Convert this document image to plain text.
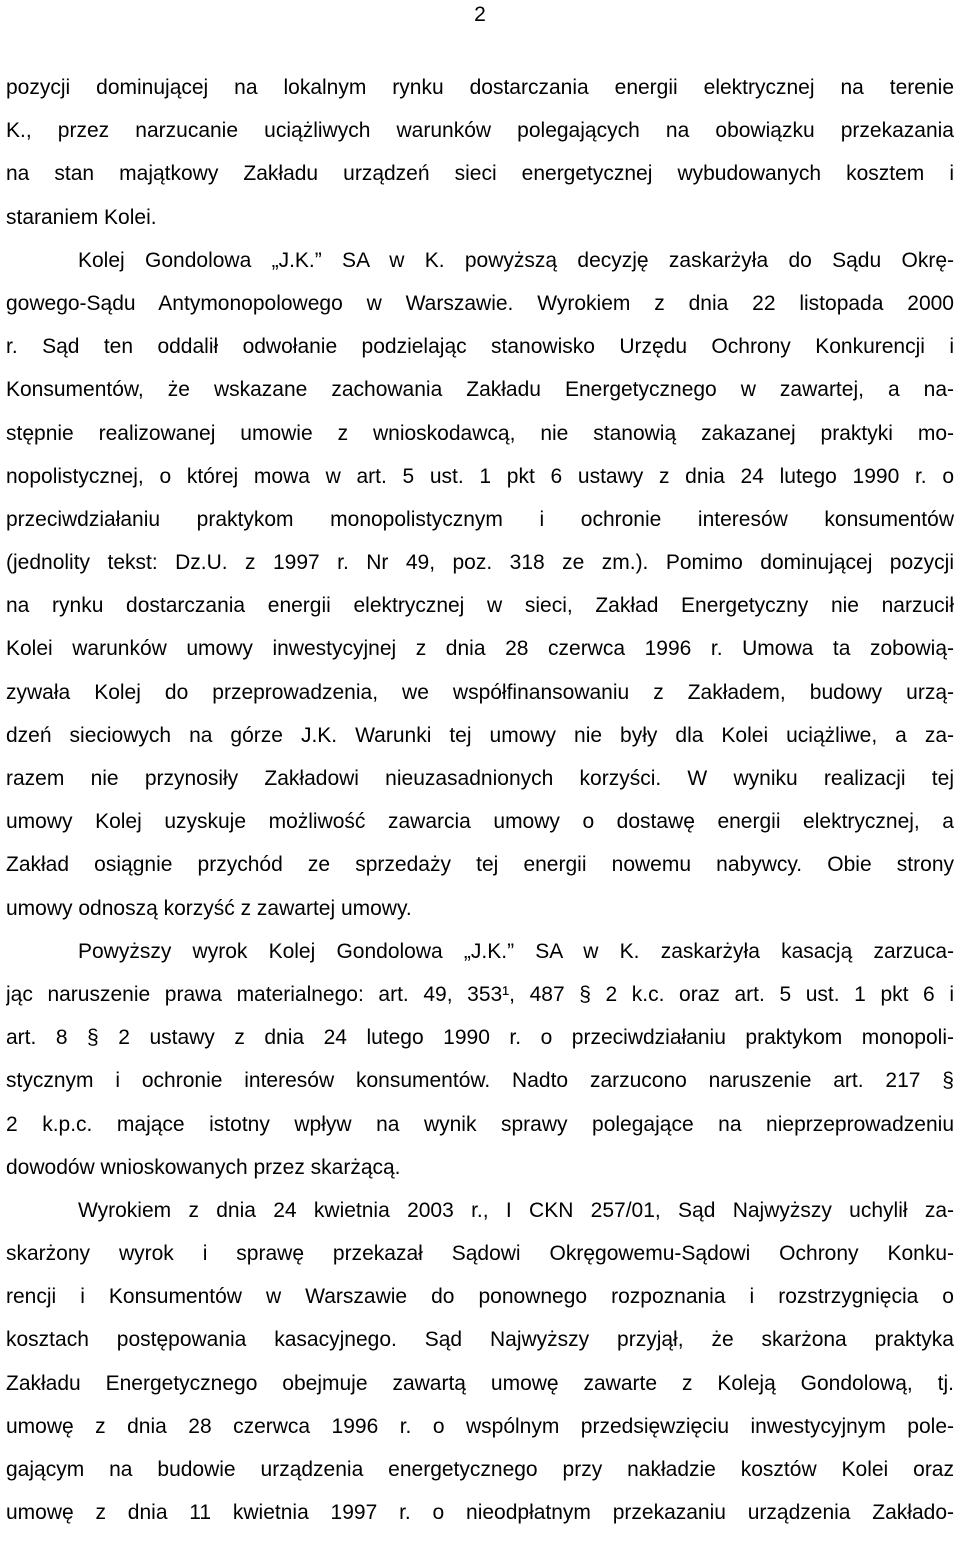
2
pozycji dominującej na lokalnym rynku dostarczania energii elektrycznej na terenie
K., przez narzucanie uciążliwych warunków polegających na obowiązku przekazania
na stan majątkowy Zakładu urządzeń sieci energetycznej wybudowanych kosztem i
staraniem Kolei.
Kolej Gondolowa „J.K.” SA w K. powyższą decyzję zaskarżyła do Sądu Okrę-
gowego-Sądu Antymonopolowego w Warszawie. Wyrokiem z dnia 22 listopada 2000
r. Sąd ten oddalił odwołanie podzielając stanowisko Urzędu Ochrony Konkurencji i
Konsumentów, że wskazane zachowania Zakładu Energetycznego w zawartej, a na-
stępnie realizowanej umowie z wnioskodawcą, nie stanowią zakazanej praktyki mo-
nopolistycznej, o której mowa w art. 5 ust. 1 pkt 6 ustawy z dnia 24 lutego 1990 r. o
przeciwdziałaniu praktykom monopolistycznym i ochronie interesów konsumentów
(jednolity tekst: Dz.U. z 1997 r. Nr 49, poz. 318 ze zm.). Pomimo dominującej pozycji
na rynku dostarczania energii elektrycznej w sieci, Zakład Energetyczny nie narzucił
Kolei warunków umowy inwestycyjnej z dnia 28 czerwca 1996 r. Umowa ta zobowią-
zywała Kolej do przeprowadzenia, we współfinansowaniu z Zakładem, budowy urzą-
dzeń sieciowych na górze J.K. Warunki tej umowy nie były dla Kolei uciążliwe, a za-
razem nie przynosiły Zakładowi nieuzasadnionych korzyści. W wyniku realizacji tej
umowy Kolej uzyskuje możliwość zawarcia umowy o dostawę energii elektrycznej, a
Zakład osiągnie przychód ze sprzedaży tej energii nowemu nabywcy. Obie strony
umowy odnoszą korzyść z zawartej umowy.
Powyższy wyrok Kolej Gondolowa „J.K.” SA w K. zaskarżyła kasacją zarzuca-
jąc naruszenie prawa materialnego: art. 49, 353¹, 487 § 2 k.c. oraz art. 5 ust. 1 pkt 6 i
art. 8 § 2 ustawy z dnia 24 lutego 1990 r. o przeciwdziałaniu praktykom monopoli-
stycznym i ochronie interesów konsumentów. Nadto zarzucono naruszenie art. 217 §
2 k.p.c. mające istotny wpływ na wynik sprawy polegające na nieprzeprowadzeniu
dowodów wnioskowanych przez skarżącą.
Wyrokiem z dnia 24 kwietnia 2003 r., I CKN 257/01, Sąd Najwyższy uchylił za-
skarżony wyrok i sprawę przekazał Sądowi Okręgowemu-Sądowi Ochrony Konku-
rencji i Konsumentów w Warszawie do ponownego rozpoznania i rozstrzygnięcia o
kosztach postępowania kasacyjnego. Sąd Najwyższy przyjął, że skarżona praktyka
Zakładu Energetycznego obejmuje zawartą umowę zawarte z Koleją Gondolową, tj.
umowę z dnia 28 czerwca 1996 r. o wspólnym przedsięwzięciu inwestycyjnym pole-
gającym na budowie urządzenia energetycznego przy nakładzie kosztów Kolei oraz
umowę z dnia 11 kwietnia 1997 r. o nieodpłatnym przekazaniu urządzenia Zakłado-
